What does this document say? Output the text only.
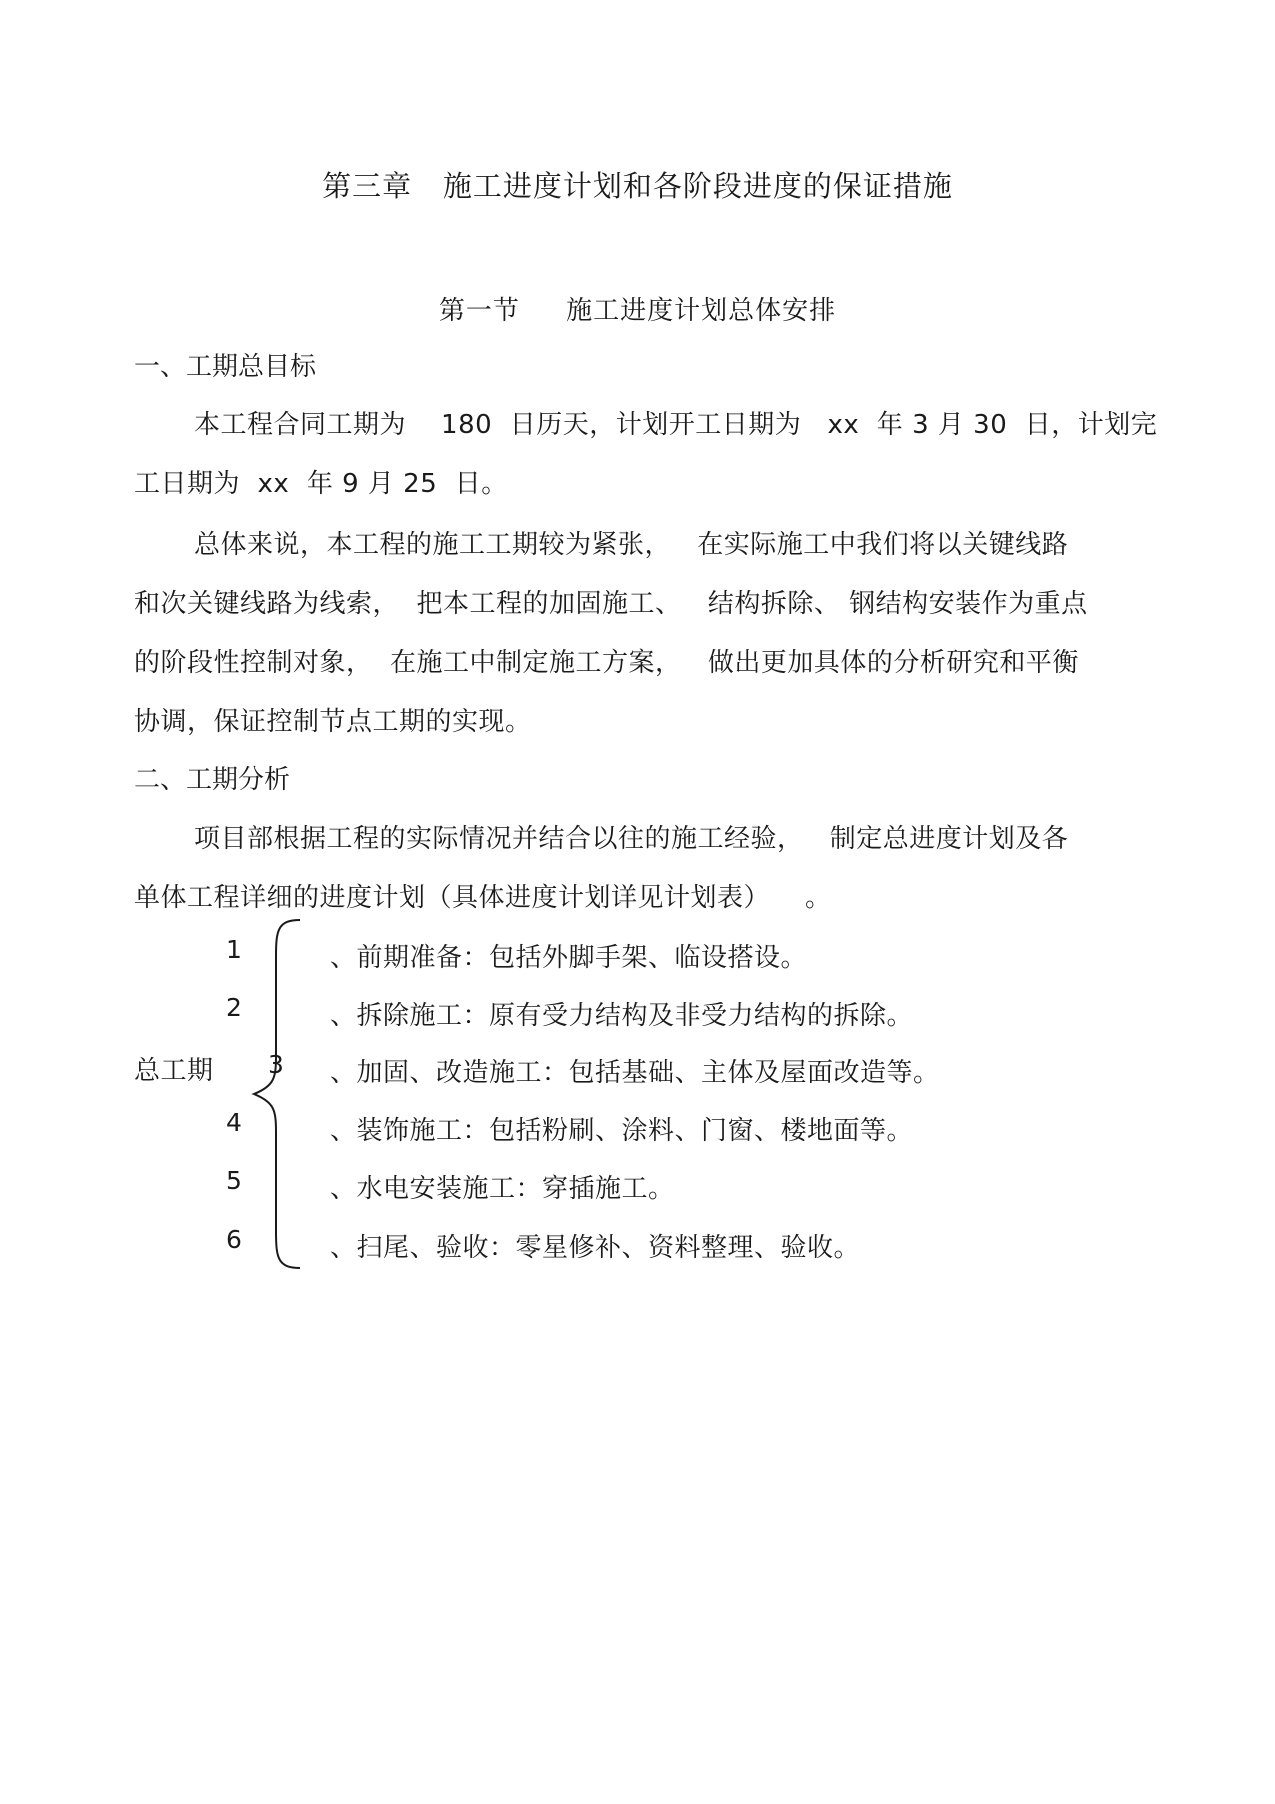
第三章   施工进度计划和各阶段进度的保证措施
第一节     施工进度计划总体安排
一、工期总目标
本工程合同工期为    180  日历天，计划开工日期为   xx  年 3 月 30  日，计划完
工日期为  xx  年 9 月 25  日。
总体来说，本工程的施工工期较为紧张，   在实际施工中我们将以关键线路
和次关键线路为线索，  把本工程的加固施工、   结构拆除、 钢结构安装作为重点
的阶段性控制对象，  在施工中制定施工方案，   做出更加具体的分析研究和平衡
协调，保证控制节点工期的实现。
二、工期分析
项目部根据工程的实际情况并结合以往的施工经验，   制定总进度计划及各
单体工程详细的进度计划（具体进度计划详见计划表）    。
总工期
1	、前期准备：包括外脚手架、临设搭设。
2	、拆除施工：原有受力结构及非受力结构的拆除。
3 、加固、改造施工：包括基础、主体及屋面改造等。
4	、装饰施工：包括粉刷、涂料、门窗、楼地面等。
5	、水电安装施工：穿插施工。
6	、扫尾、验收：零星修补、资料整理、验收。
